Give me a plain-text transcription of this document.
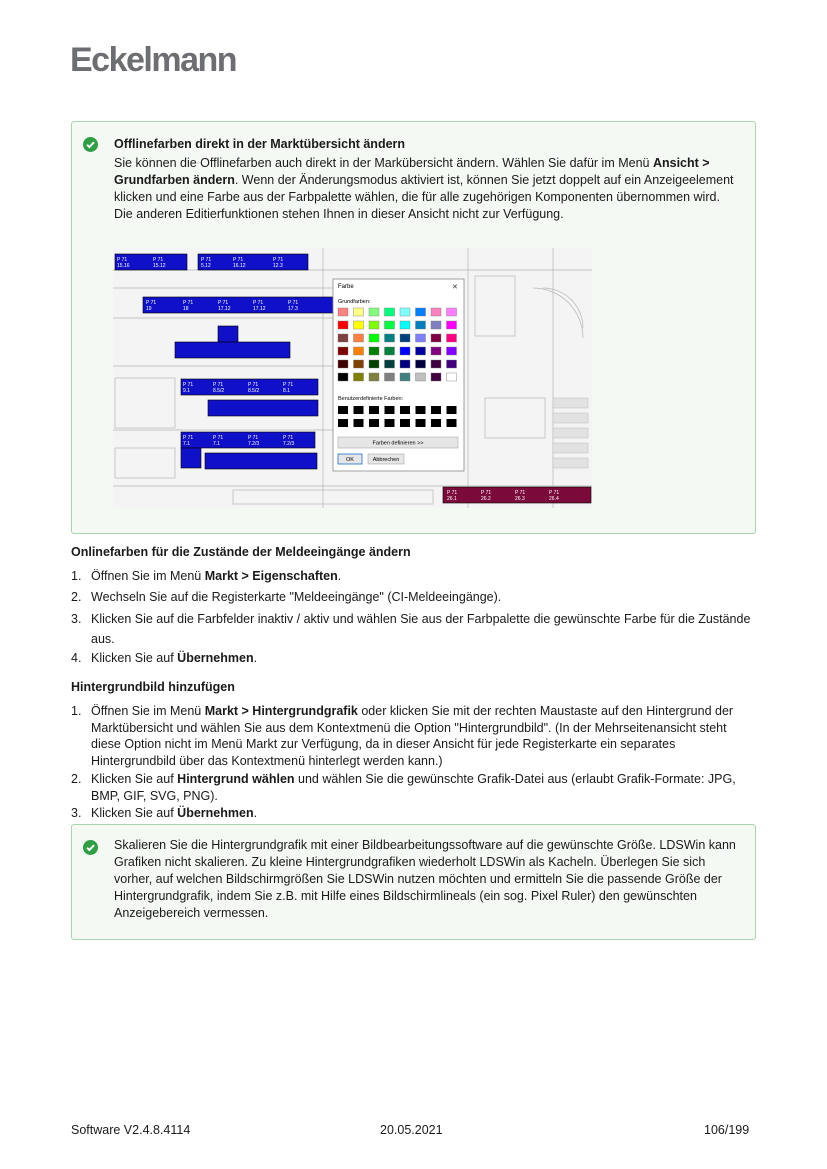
Eckelmann
Offlinefarben direkt in der Marktübersicht ändern
Sie können die Offlinefarben auch direkt in der Markübersicht ändern. Wählen Sie dafür im Menü Ansicht > Grundfarben ändern. Wenn der Änderungsmodus aktiviert ist, können Sie jetzt doppelt auf ein Anzeigeelement klicken und eine Farbe aus der Farbpalette wählen, die für alle zugehörigen Komponenten übernommen wird. Die anderen Editierfunktionen stehen Ihnen in dieser Ansicht nicht zur Verfügung.
P 71
15.16
P 71
15.12
P 71
5.12
P 71
16.12
P 71
12.3
P 71
19
P 71
18
P 71
17.12
P 71
17.12
P 71
17.3
P 71
9.1
P 71
8.5/2
P 71
8.5/2
P 71
8.1
P 71
7.1
P 71
7.1
P 71
7.2/3
P 71
7.2/3
P 71
26.1
P 71
26.2
P 71
26.3
P 71
26.4
Farbe	✕
Grundfarben:
Benutzerdefinierte Farben:
Farben definieren >>
OK	Abbrechen
Onlinefarben für die Zustände der Meldeeingänge ändern
1. Öffnen Sie im Menü Markt > Eigenschaften.
2. Wechseln Sie auf die Registerkarte "Meldeeingänge" (CI-Meldeeingänge).
3. Klicken Sie auf die Farbfelder inaktiv / aktiv und wählen Sie aus der Farbpalette die gewünschte Farbe für die Zustände aus.
4. Klicken Sie auf Übernehmen.
Hintergrundbild hinzufügen
1. Öffnen Sie im Menü Markt > Hintergrundgrafik oder klicken Sie mit der rechten Maustaste auf den Hintergrund der Marktübersicht und wählen Sie aus dem Kontextmenü die Option "Hintergrundbild". (In der Mehrseitenansicht steht diese Option nicht im Menü Markt zur Verfügung, da in dieser Ansicht für jede Registerkarte ein separates Hintergrundbild über das Kontextmenü hinterlegt werden kann.)
2. Klicken Sie auf Hintergrund wählen und wählen Sie die gewünschte Grafik-Datei aus (erlaubt Grafik-Formate: JPG, BMP, GIF, SVG, PNG).
3. Klicken Sie auf Übernehmen.
Skalieren Sie die Hintergrundgrafik mit einer Bildbearbeitungssoftware auf die gewünschte Größe. LDSWin kann Grafiken nicht skalieren. Zu kleine Hintergrundgrafiken wiederholt LDSWin als Kacheln. Überlegen Sie sich vorher, auf welchen Bildschirmgrößen Sie LDSWin nutzen möchten und ermitteln Sie die passende Größe der Hintergrundgrafik, indem Sie z.B. mit Hilfe eines Bildschirmlineals (ein sog. Pixel Ruler) den gewünschten Anzeigebereich vermessen.
Software V2.4.8.4114	20.05.2021	106/199
